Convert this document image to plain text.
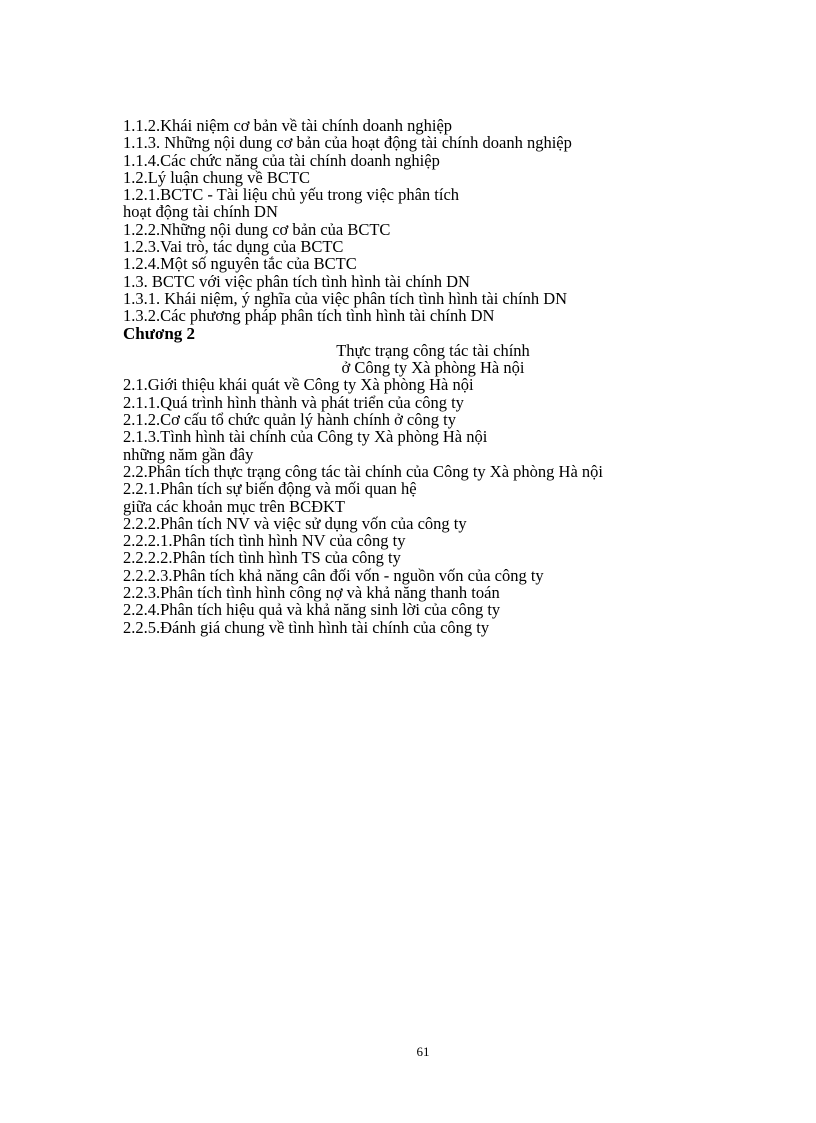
1.1.2.Khái niệm cơ bản về tài chính doanh nghiệp
1.1.3. Những nội dung cơ bản của hoạt động tài chính doanh nghiệp
1.1.4.Các chức năng của tài chính doanh nghiệp
1.2.Lý luận chung về BCTC
1.2.1.BCTC - Tài liệu chủ yếu trong việc phân tích
hoạt động tài chính DN
1.2.2.Những nội dung cơ bản của BCTC
1.2.3.Vai trò, tác dụng của BCTC
1.2.4.Một số nguyên tắc của BCTC
1.3. BCTC với việc phân tích tình hình tài chính DN
1.3.1. Khái niệm, ý nghĩa của việc phân tích tình hình tài chính DN
1.3.2.Các phương pháp phân tích tình hình tài chính DN
Chương 2
Thực trạng công tác tài chính
ở Công ty Xà phòng Hà nội
2.1.Giới thiệu khái quát về Công ty Xà phòng Hà nội
2.1.1.Quá trình hình thành và phát triển của công ty
2.1.2.Cơ cấu tổ chức quản lý hành chính ở công ty
2.1.3.Tình hình tài chính của Công ty Xà phòng Hà nội
những năm gần đây
2.2.Phân tích thực trạng công tác tài chính của Công ty Xà phòng Hà nội
2.2.1.Phân tích sự biến động và mối quan hệ
giữa các khoản mục trên BCĐKT
2.2.2.Phân tích NV và việc sử dụng vốn của công ty
2.2.2.1.Phân tích tình hình NV của công ty
2.2.2.2.Phân tích tình hình TS của công ty
2.2.2.3.Phân tích khả năng cân đối vốn - nguồn vốn của công ty
2.2.3.Phân tích tình hình công nợ và khả năng thanh toán
2.2.4.Phân tích hiệu quả và khả năng sinh lời của công ty
2.2.5.Đánh giá chung về tình hình tài chính của công ty
61
